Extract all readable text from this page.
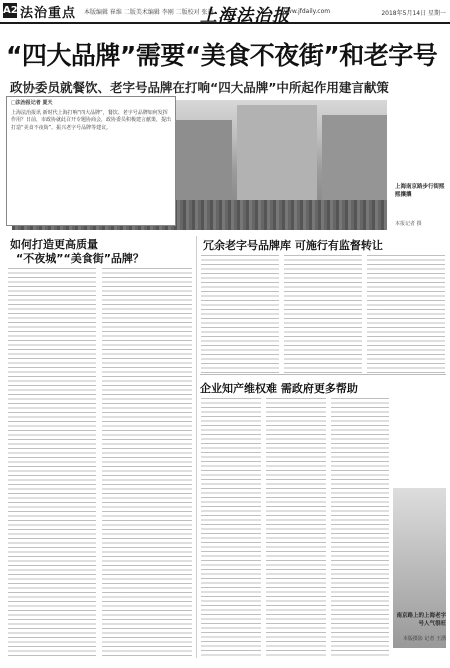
A2 法治重点 本版编辑 崔维 二版美术编辑 李刚 二版校对 张越
上海法治报
www.jfdaily.com	2018年5月14日 星期一
“四大品牌”需要“美食不夜街”和老字号
政协委员就餐饮、老字号品牌在打响“四大品牌”中所起作用建言献策
上海南京路步行街熙熙攘攘
本报记者 摄
□法治报记者 夏天
上海法治报讯 新时代上海打响“四大品牌”，餐饮、老字号品牌如何发挥作用？日前，市政协就此召开专题协商会，政协委员积极建言献策，提出打造“美食不夜街”、振兴老字号品牌等建议。
如何打造更高质量
“不夜城”“美食街”品牌？
冗余老字号品牌库 可施行有监督转让
企业知产维权难 需政府更多帮助
南京路上的上海老字号人气很旺
本版摄影 记者 王湧
